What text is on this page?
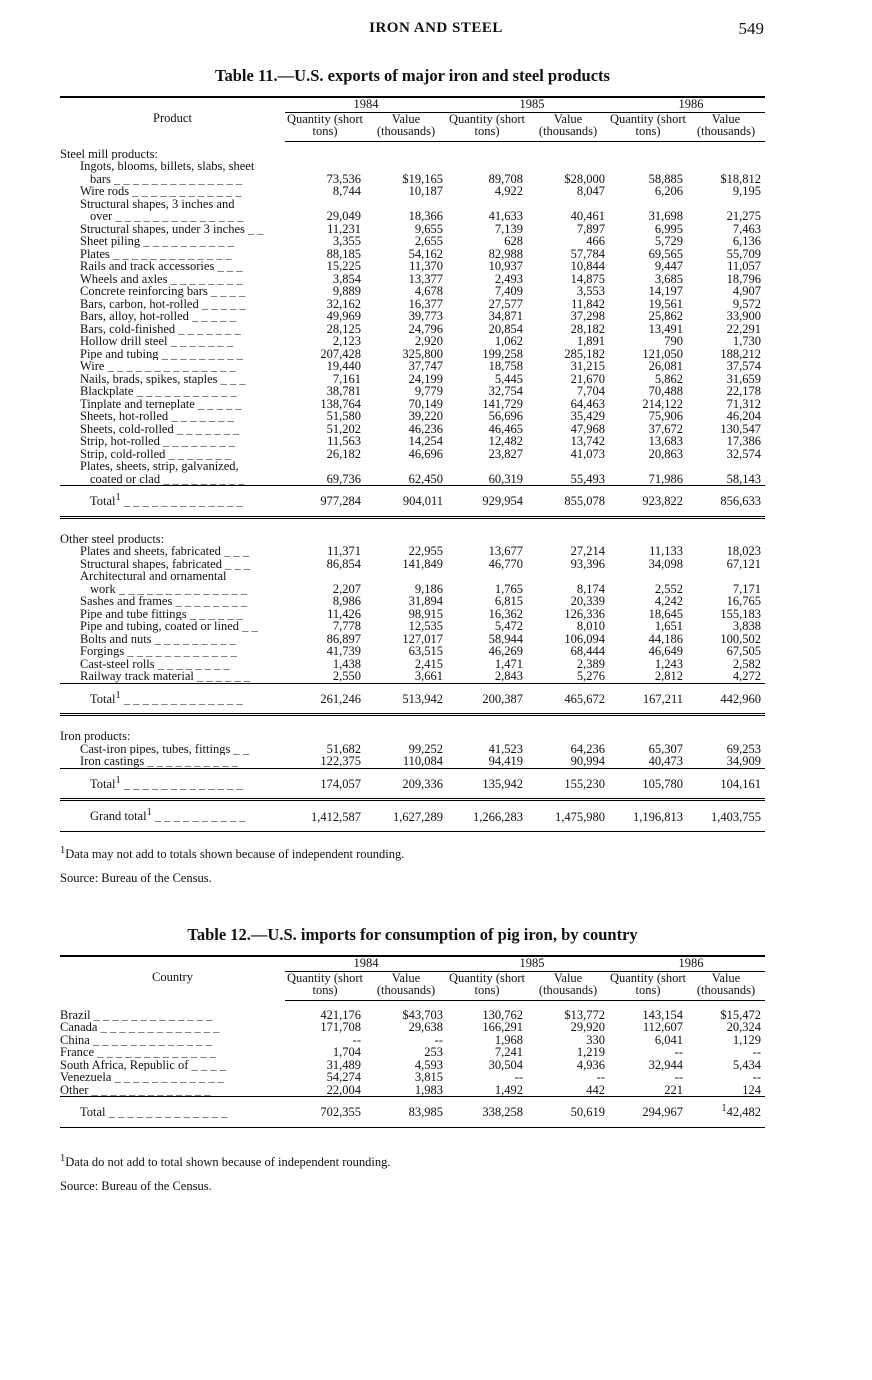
IRON AND STEEL	549
Table 11.—U.S. exports of major iron and steel products
Product	1984		1985		1986	
	Quantity (short tons)	Value (thousands)	Quantity (short tons)	Value (thousands)	Quantity (short tons)	Value (thousands)
Steel mill products:						
Ingots, blooms, billets, slabs, sheet
bars _ _ _ _ _ _ _ _ _ _ _ _ _ _	73,536	$19,165	89,708	$28,000	58,885	$18,812
Wire rods _ _ _ _ _ _ _ _ _ _ _ _	8,744	10,187	4,922	8,047	6,206	9,195
Structural shapes, 3 inches and
over _ _ _ _ _ _ _ _ _ _ _ _ _ _	29,049	18,366	41,633	40,461	31,698	21,275
Structural shapes, under 3 inches _ _	11,231	9,655	7,139	7,897	6,995	7,463
Sheet piling _ _ _ _ _ _ _ _ _ _	3,355	2,655	628	466	5,729	6,136
Plates _ _ _ _ _ _ _ _ _ _ _ _ _	88,185	54,162	82,988	57,784	69,565	55,709
Rails and track accessories _ _ _	15,225	11,370	10,937	10,844	9,447	11,057
Wheels and axles _ _ _ _ _ _ _ _	3,854	13,377	2,493	14,875	3,685	18,796
Concrete reinforcing bars _ _ _ _	9,889	4,678	7,409	3,553	14,197	4,907
Bars, carbon, hot-rolled _ _ _ _ _	32,162	16,377	27,577	11,842	19,561	9,572
Bars, alloy, hot-rolled _ _ _ _ _	49,969	39,773	34,871	37,298	25,862	33,900
Bars, cold-finished _ _ _ _ _ _ _	28,125	24,796	20,854	28,182	13,491	22,291
Hollow drill steel _ _ _ _ _ _ _	2,123	2,920	1,062	1,891	790	1,730
Pipe and tubing _ _ _ _ _ _ _ _ _	207,428	325,800	199,258	285,182	121,050	188,212
Wire _ _ _ _ _ _ _ _ _ _ _ _ _ _	19,440	37,747	18,758	31,215	26,081	37,574
Nails, brads, spikes, staples _ _ _	7,161	24,199	5,445	21,670	5,862	31,659
Blackplate _ _ _ _ _ _ _ _ _ _ _	38,781	9,779	32,754	7,704	70,488	22,178
Tinplate and terneplate _ _ _ _ _	138,764	70,149	141,729	64,463	214,122	71,312
Sheets, hot-rolled _ _ _ _ _ _ _	51,580	39,220	56,696	35,429	75,906	46,204
Sheets, cold-rolled _ _ _ _ _ _ _	51,202	46,236	46,465	47,968	37,672	130,547
Strip, hot-rolled _ _ _ _ _ _ _ _	11,563	14,254	12,482	13,742	13,683	17,386
Strip, cold-rolled _ _ _ _ _ _ _	26,182	46,696	23,827	41,073	20,863	32,574
Plates, sheets, strip, galvanized,
coated or clad _ _ _ _ _ _ _ _ _	69,736	62,450	60,319	55,493	71,986	58,143
Total$^1$ _ _ _ _ _ _ _ _ _ _ _ _ _	977,284	904,011	929,954	855,078	923,822	856,633

Other steel products:						
Plates and sheets, fabricated _ _ _	11,371	22,955	13,677	27,214	11,133	18,023
Structural shapes, fabricated _ _ _	86,854	141,849	46,770	93,396	34,098	67,121
Architectural and ornamental
work _ _ _ _ _ _ _ _ _ _ _ _ _ _	2,207	9,186	1,765	8,174	2,552	7,171
Sashes and frames _ _ _ _ _ _ _ _	8,986	31,894	6,815	20,339	4,242	16,765
Pipe and tube fittings _ _ _ _ _ _	11,426	98,915	16,362	126,336	18,645	155,183
Pipe and tubing, coated or lined _ _	7,778	12,535	5,472	8,010	1,651	3,838
Bolts and nuts _ _ _ _ _ _ _ _ _	86,897	127,017	58,944	106,094	44,186	100,502
Forgings _ _ _ _ _ _ _ _ _ _ _ _	41,739	63,515	46,269	68,444	46,649	67,505
Cast-steel rolls _ _ _ _ _ _ _ _	1,438	2,415	1,471	2,389	1,243	2,582
Railway track material _ _ _ _ _ _	2,550	3,661	2,843	5,276	2,812	4,272
Total$^1$ _ _ _ _ _ _ _ _ _ _ _ _ _	261,246	513,942	200,387	465,672	167,211	442,960

Iron products:						
Cast-iron pipes, tubes, fittings _ _	51,682	99,252	41,523	64,236	65,307	69,253
Iron castings _ _ _ _ _ _ _ _ _ _	122,375	110,084	94,419	90,994	40,473	34,909
Total$^1$ _ _ _ _ _ _ _ _ _ _ _ _ _	174,057	209,336	135,942	155,230	105,780	104,161
Grand total$^1$ _ _ _ _ _ _ _ _ _ _	1,412,587	1,627,289	1,266,283	1,475,980	1,196,813	1,403,755
$^1$Data may not add to totals shown because of independent rounding.
Source: Bureau of the Census.
Table 12.—U.S. imports for consumption of pig iron, by country
Country	1984		1985		1986	
	Quantity (short tons)	Value (thousands)	Quantity (short tons)	Value (thousands)	Quantity (short tons)	Value (thousands)

Brazil _ _ _ _ _ _ _ _ _ _ _ _ _	421,176	$43,703	130,762	$13,772	143,154	$15,472
Canada _ _ _ _ _ _ _ _ _ _ _ _ _	171,708	29,638	166,291	29,920	112,607	20,324
China _ _ _ _ _ _ _ _ _ _ _ _ _	--	--	1,968	330	6,041	1,129
France _ _ _ _ _ _ _ _ _ _ _ _ _	1,704	253	7,241	1,219	--	--
South Africa, Republic of _ _ _ _	31,489	4,593	30,504	4,936	32,944	5,434
Venezuela _ _ _ _ _ _ _ _ _ _ _ _	54,274	3,815	--	--	--	--
Other _ _ _ _ _ _ _ _ _ _ _ _ _	22,004	1,983	1,492	442	221	124
Total _ _ _ _ _ _ _ _ _ _ _ _ _	702,355	83,985	338,258	50,619	294,967	$^1$42,482
$^1$Data do not add to total shown because of independent rounding.
Source: Bureau of the Census.
